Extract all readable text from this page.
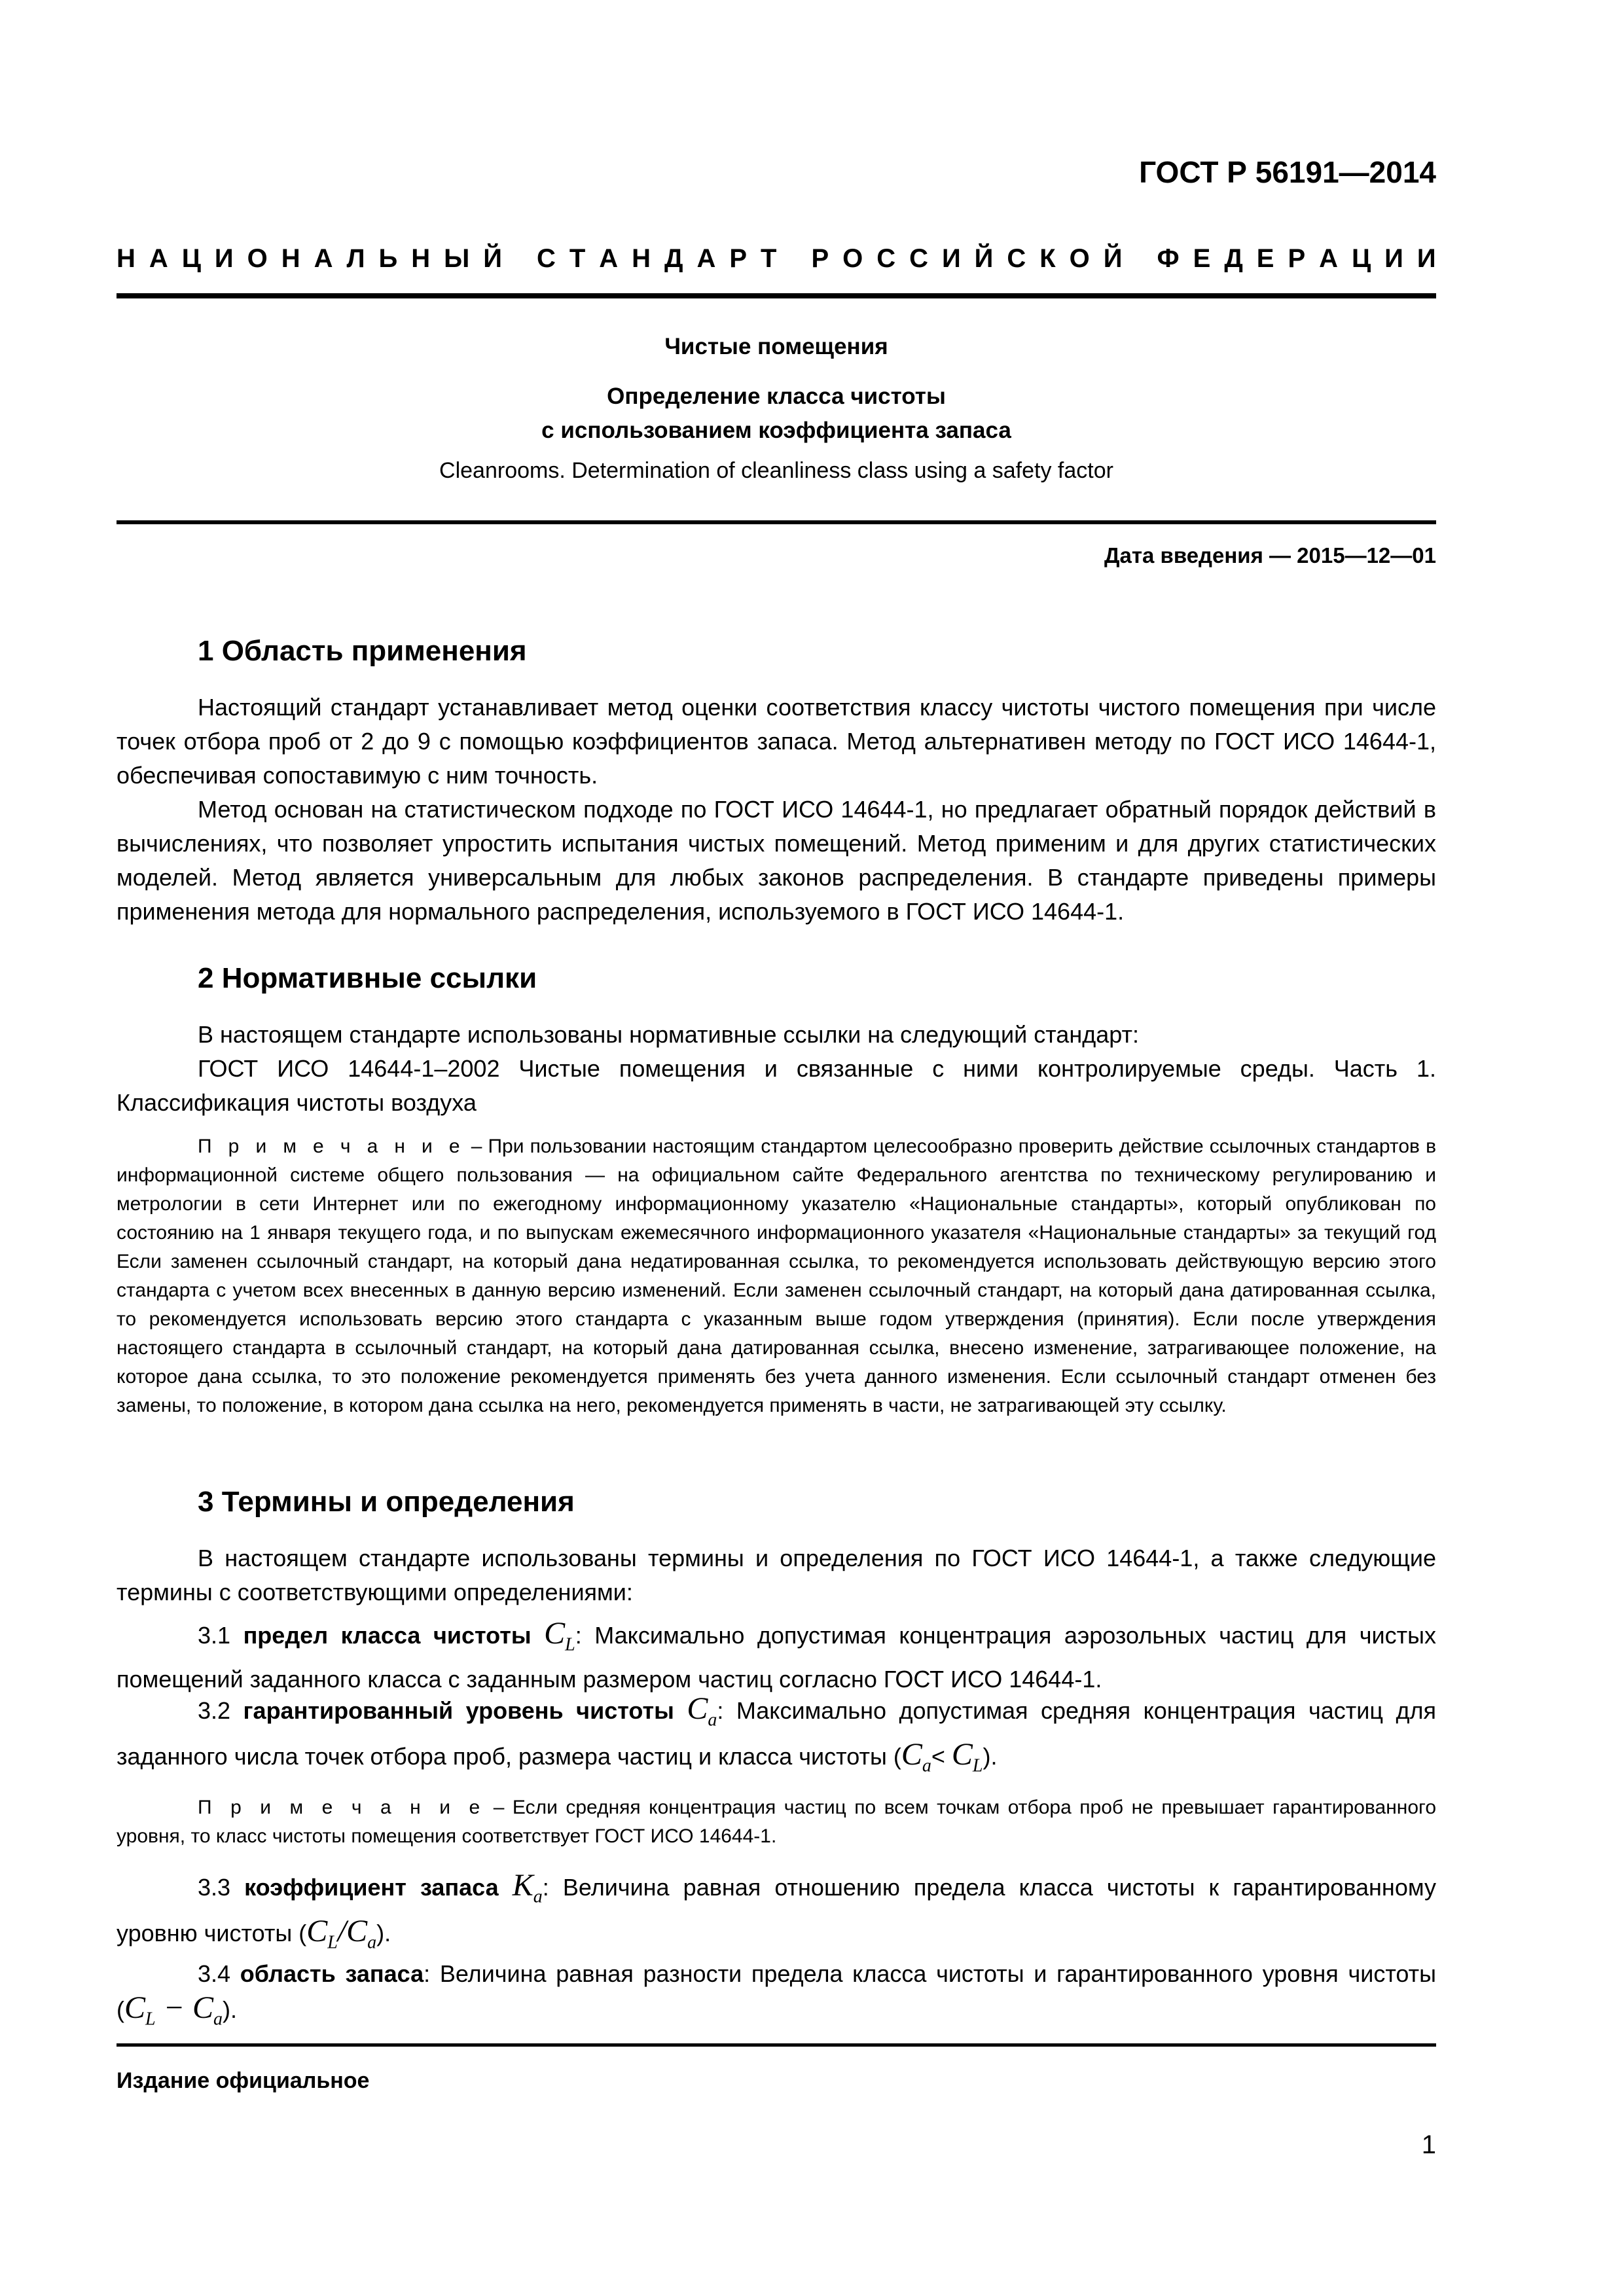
ГОСТ Р 56191—2014
Н А Ц И О Н А Л Ь Н Ы Й
С Т А Н Д А Р Т
Р О С С И Й С К О Й
Ф Е Д Е Р А Ц И И
Чистые помещения
Определение класса чистоты
с использованием коэффициента запаса
Cleanrooms. Determination of cleanliness class using a safety factor
Дата введения — 2015—12—01
1 Область применения
Настоящий стандарт устанавливает метод оценки соответствия классу чистоты чистого помещения при числе точек отбора проб от 2 до 9 с помощью коэффициентов запаса. Метод альтернативен методу по ГОСТ ИСО 14644-1, обеспечивая сопоставимую с ним точность.
Метод основан на статистическом подходе по ГОСТ ИСО 14644-1, но предлагает обратный порядок действий в вычислениях, что позволяет упростить испытания чистых помещений. Метод применим и для других статистических моделей. Метод является универсальным для любых законов распределения. В стандарте приведены примеры применения метода для нормального распределения, используемого в ГОСТ ИСО 14644-1.
2 Нормативные ссылки
В настоящем стандарте использованы нормативные ссылки на следующий стандарт:
ГОСТ ИСО 14644-1–2002 Чистые помещения и связанные с ними контролируемые среды. Часть 1. Классификация чистоты воздуха
П р и м е ч а н и е – При пользовании настоящим стандартом целесообразно проверить действие ссылочных стандартов в информационной системе общего пользования — на официальном сайте Федерального агентства по техническому регулированию и метрологии в сети Интернет или по ежегодному информационному указателю «Национальные стандарты», который опубликован по состоянию на 1 января текущего года, и по выпускам ежемесячного информационного указателя «Национальные стандарты» за текущий год Если заменен ссылочный стандарт, на который дана недатированная ссылка, то рекомендуется использовать действующую версию этого стандарта с учетом всех внесенных в данную версию изменений. Если заменен ссылочный стандарт, на который дана датированная ссылка, то рекомендуется использовать версию этого стандарта с указанным выше годом утверждения (принятия). Если после утверждения настоящего стандарта в ссылочный стандарт, на который дана датированная ссылка, внесено изменение, затрагивающее положение, на которое дана ссылка, то это положение рекомендуется применять без учета данного изменения. Если ссылочный стандарт отменен без замены, то положение, в котором дана ссылка на него, рекомендуется применять в части, не затрагивающей эту ссылку.
3 Термины и определения
В настоящем стандарте использованы термины и определения по ГОСТ ИСО 14644-1, а также следующие термины с соответствующими определениями:
3.1 предел класса чистоты $C_L$: Максимально допустимая концентрация аэрозольных частиц для чистых помещений заданного класса с заданным размером частиц согласно ГОСТ ИСО 14644-1.
3.2 гарантированный уровень чистоты $C_a$: Максимально допустимая средняя концентрация частиц для заданного числа точек отбора проб, размера частиц и класса чистоты $(C_a< C_L)$.
П р и м е ч а н и е – Если средняя концентрация частиц по всем точкам отбора проб не превышает гарантированного уровня, то класс чистоты помещения соответствует ГОСТ ИСО 14644-1.
3.3 коэффициент запаса $K_a$: Величина равная отношению предела класса чистоты к гарантированному уровню чистоты $(C_L/C_a)$.
3.4 область запаса: Величина равная разности предела класса чистоты и гарантированного уровня чистоты $(C_L - C_a)$.
Издание официальное
1
